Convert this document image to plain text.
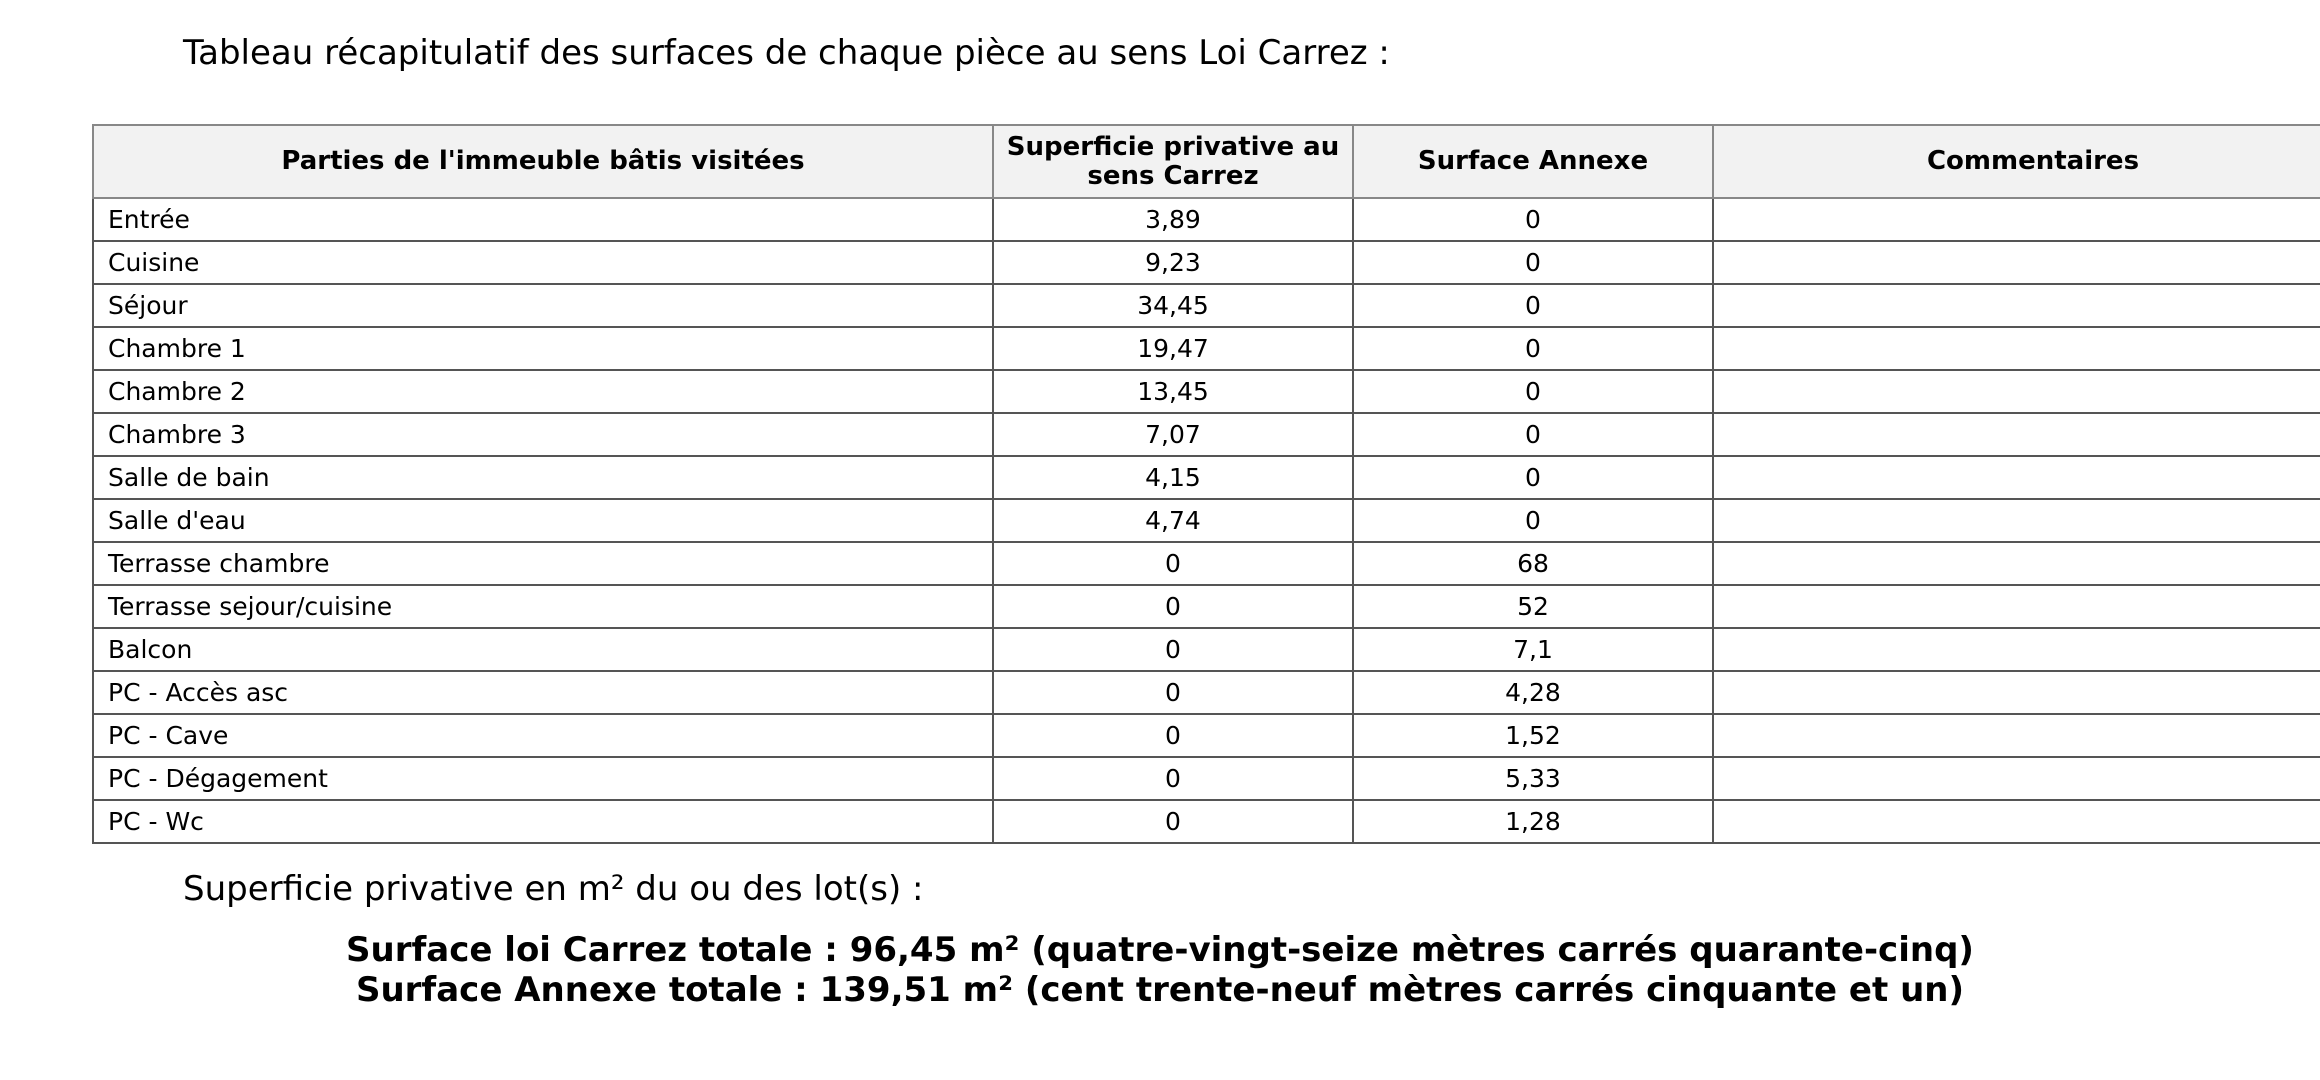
Tableau récapitulatif des surfaces de chaque pièce au sens Loi Carrez :

Parties de l'immeuble bâtis visitées	Superficie privative au sens Carrez	Surface Annexe	Commentaires
Entrée	3,89	0	
Cuisine	9,23	0	
Séjour	34,45	0	
Chambre 1	19,47	0	
Chambre 2	13,45	0	
Chambre 3	7,07	0	
Salle de bain	4,15	0	
Salle d'eau	4,74	0	
Terrasse chambre	0	68	
Terrasse sejour/cuisine	0	52	
Balcon	0	7,1	
PC - Accès asc	0	4,28	
PC - Cave	0	1,52	
PC - Dégagement	0	5,33	
PC - Wc	0	1,28	

Superficie privative en m² du ou des lot(s) :

Surface loi Carrez totale : 96,45 m² (quatre-vingt-seize mètres carrés quarante-cinq)
Surface Annexe totale : 139,51 m² (cent trente-neuf mètres carrés cinquante et un)
